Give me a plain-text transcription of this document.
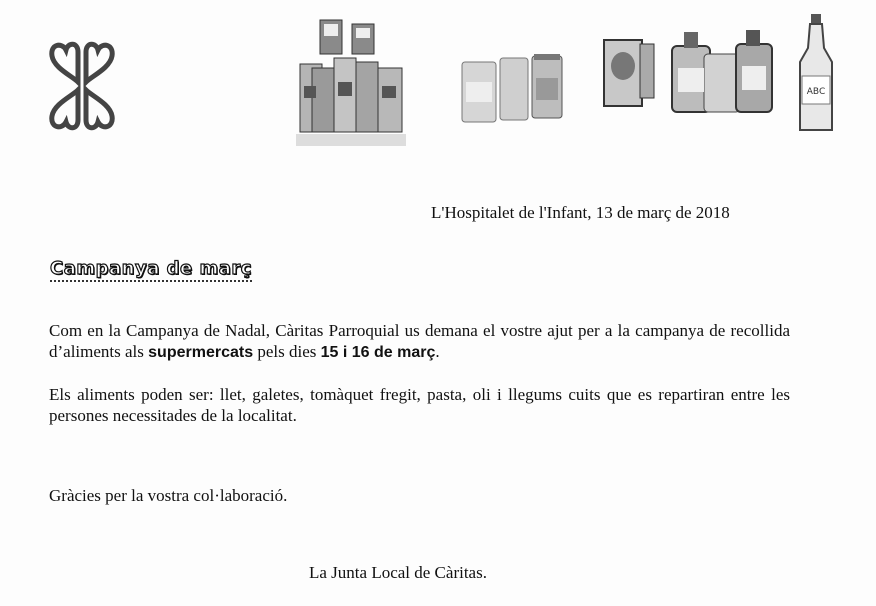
ABC
L'Hospitalet de l'Infant, 13 de març de 2018
Campanya de març

Com en la Campanya de Nadal, Càritas Parroquial us demana el vostre ajut per a la campanya de recollida d’aliments als supermercats pels dies 15 i 16 de març.

Els aliments poden ser: llet, galetes, tomàquet fregit, pasta, oli i llegums cuits que es repartiran entre les persones necessitades de la localitat.

Gràcies per la vostra col·laboració.
La Junta Local de Càritas.
